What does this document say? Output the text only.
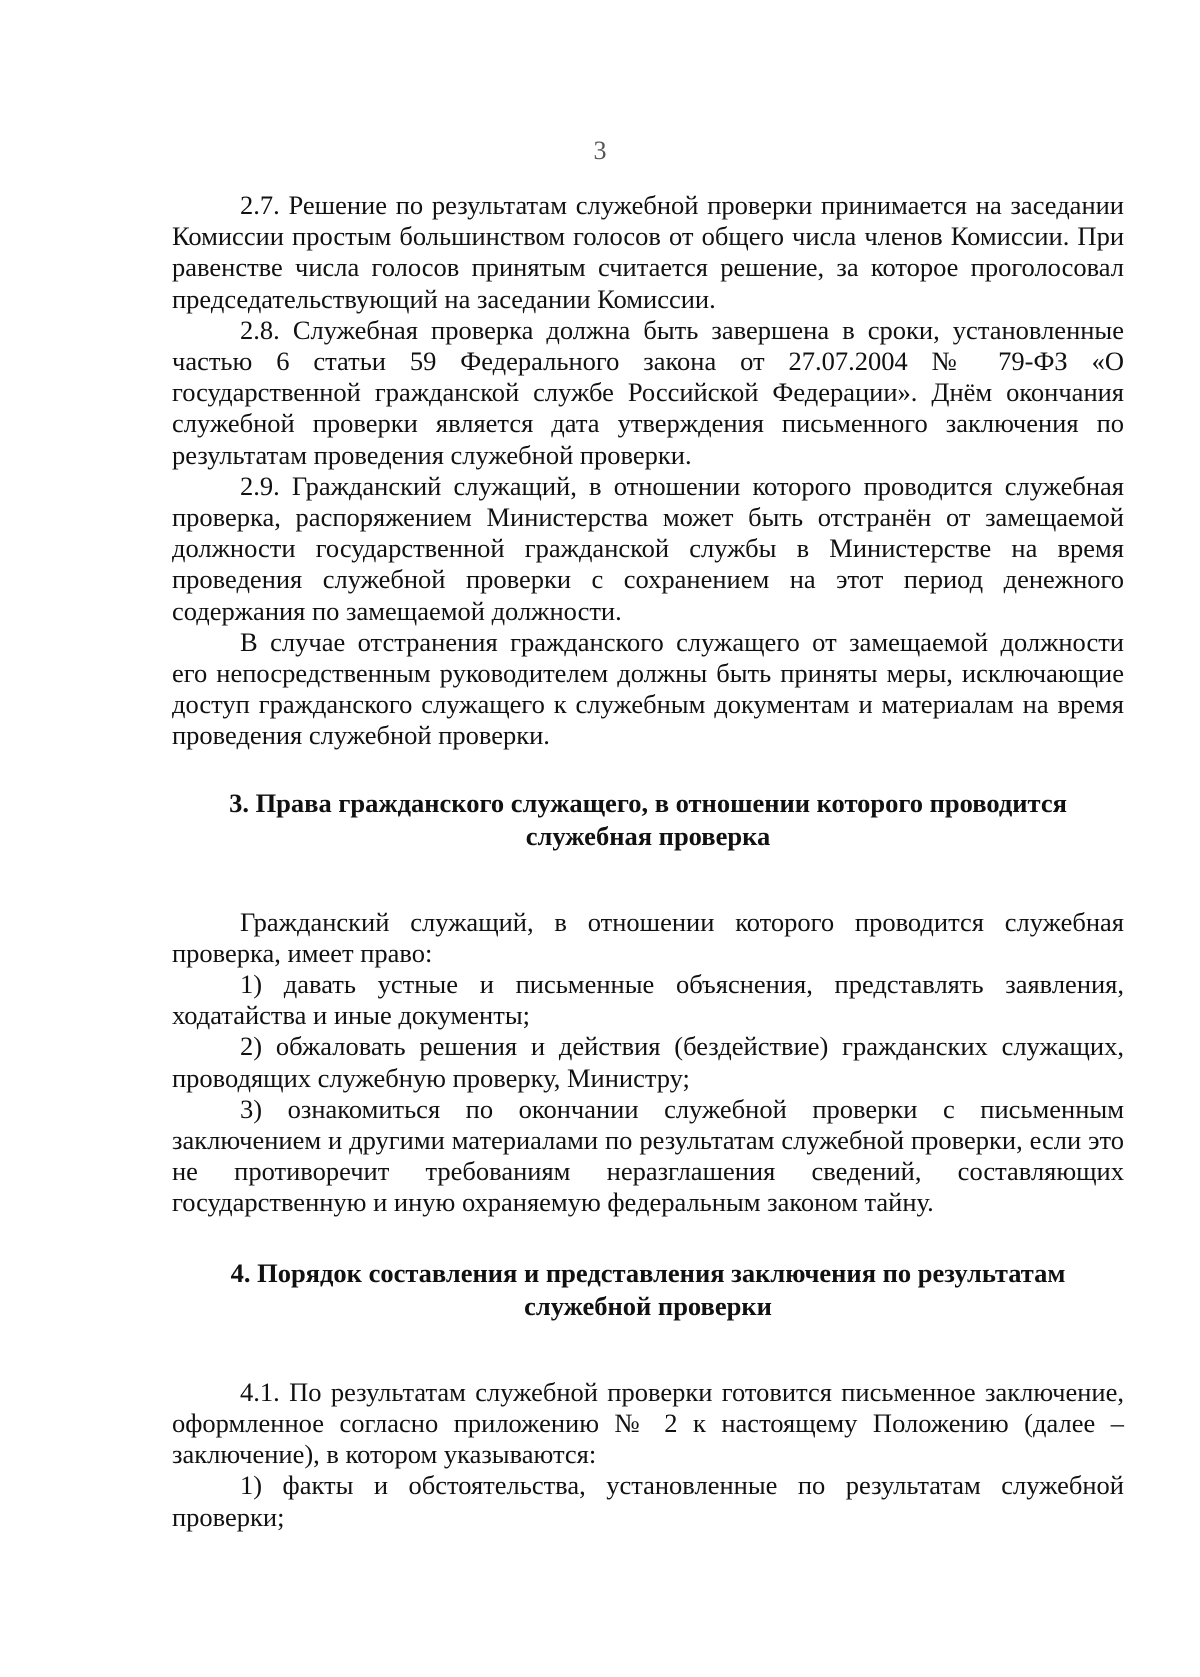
3

2.7. Решение по результатам служебной проверки принимается на заседании Комиссии простым большинством голосов от общего числа членов Комиссии. При равенстве числа голосов принятым считается решение, за которое проголосовал председательствующий на заседании Комиссии.

2.8. Служебная проверка должна быть завершена в сроки, установленные частью 6 статьи 59 Федерального закона от 27.07.2004 № 79-ФЗ «О государственной гражданской службе Российской Федерации». Днём окончания служебной проверки является дата утверждения письменного заключения по результатам проведения служебной проверки.

2.9. Гражданский служащий, в отношении которого проводится служебная проверка, распоряжением Министерства может быть отстранён от замещаемой должности государственной гражданской службы в Министерстве на время проведения служебной проверки с сохранением на этот период денежного содержания по замещаемой должности.

В случае отстранения гражданского служащего от замещаемой должности его непосредственным руководителем должны быть приняты меры, исключающие доступ гражданского служащего к служебным документам и материалам на время проведения служебной проверки.

3. Права гражданского служащего, в отношении которого проводится
служебная проверка

Гражданский служащий, в отношении которого проводится служебная проверка, имеет право:

1) давать устные и письменные объяснения, представлять заявления, ходатайства и иные документы;

2) обжаловать решения и действия (бездействие) гражданских служащих, проводящих служебную проверку, Министру;

3) ознакомиться по окончании служебной проверки с письменным заключением и другими материалами по результатам служебной проверки, если это не противоречит требованиям неразглашения сведений, составляющих государственную и иную охраняемую федеральным законом тайну.

4. Порядок составления и представления заключения по результатам
служебной проверки

4.1. По результатам служебной проверки готовится письменное заключение, оформленное согласно приложению № 2 к настоящему Положению (далее – заключение), в котором указываются:

1) факты и обстоятельства, установленные по результатам служебной проверки;
